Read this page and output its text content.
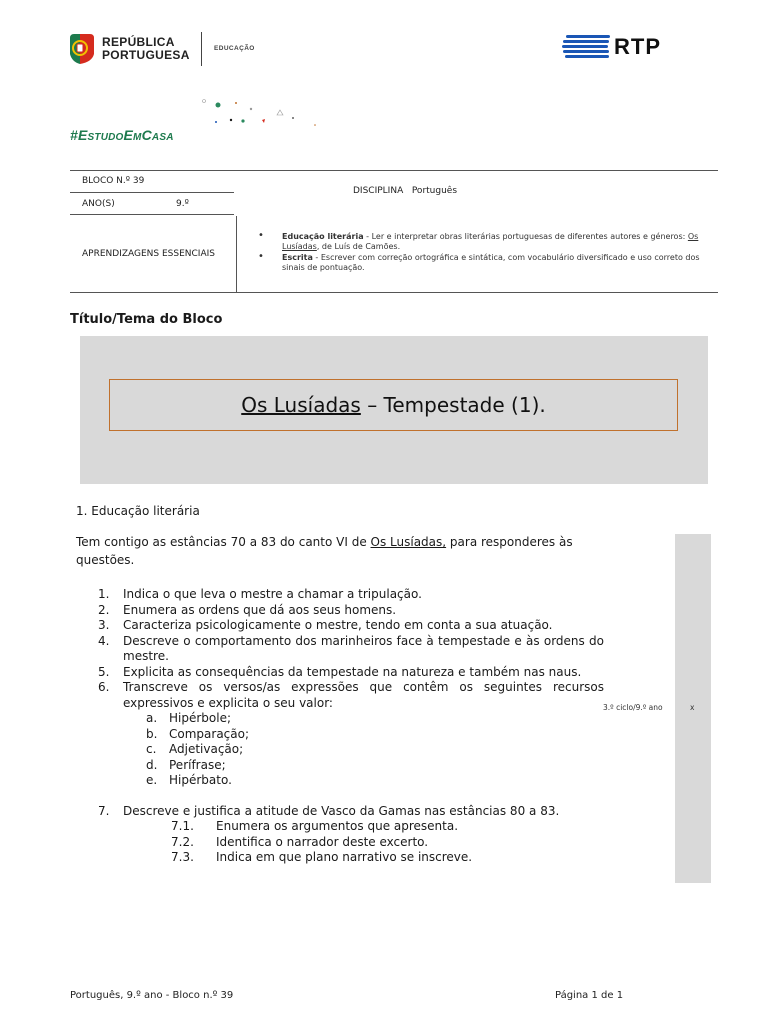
REPÚBLICA
PORTUGUESA	EDUCAÇÃO	RTP
#EstudoEmCasa
BLOCO N.º 39
ANO(S)	9.º
DISCIPLINA Português
APRENDIZAGENS ESSENCIAIS
• Educação literária - Ler e interpretar obras literárias portuguesas de diferentes autores e géneros: Os Lusíadas, de Luís de Camões.
• Escrita - Escrever com correção ortográfica e sintática, com vocabulário diversificado e uso correto dos sinais de pontuação.
Título/Tema do Bloco
Os Lusíadas – Tempestade (1).
1. Educação literária
Tem contigo as estâncias 70 a 83 do canto VI de Os Lusíadas, para responderes às questões.
1. Indica o que leva o mestre a chamar a tripulação.
2. Enumera as ordens que dá aos seus homens.
3. Caracteriza psicologicamente o mestre, tendo em conta a sua atuação.
4. Descreve o comportamento dos marinheiros face à tempestade e às ordens do mestre.
5. Explicita as consequências da tempestade na natureza e também nas naus.
6. Transcreve os versos/as expressões que contêm os seguintes recursos expressivos e explicita o seu valor:
a. Hipérbole;
b. Comparação;
c. Adjetivação;
d. Perífrase;
e. Hipérbato.
7. Descreve e justifica a atitude de Vasco da Gamas nas estâncias 80 a 83.
7.1. Enumera os argumentos que apresenta.
7.2. Identifica o narrador deste excerto.
7.3. Indica em que plano narrativo se inscreve.
3.º ciclo/9.º ano	x
Português, 9.º ano - Bloco n.º 39	Página 1 de 1
